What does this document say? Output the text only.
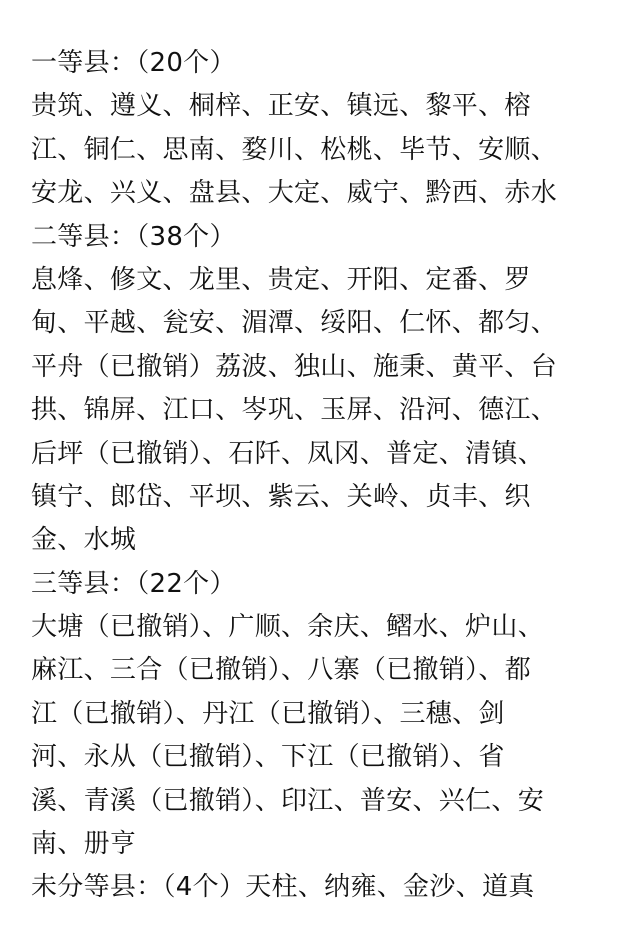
一等县：（20个）
贵筑、遵义、桐梓、正安、镇远、黎平、榕
江、铜仁、思南、婺川、松桃、毕节、安顺、
安龙、兴义、盘县、大定、威宁、黔西、赤水
二等县：（38个）
息烽、修文、龙里、贵定、开阳、定番、罗
甸、平越、瓮安、湄潭、绥阳、仁怀、都匀、
平舟（已撤销）荔波、独山、施秉、黄平、台
拱、锦屏、江口、岑巩、玉屏、沿河、德江、
后坪（已撤销）、石阡、凤冈、普定、清镇、
镇宁、郎岱、平坝、紫云、关岭、贞丰、织
金、水城
三等县：（22个）
大塘（已撤销）、广顺、余庆、鳛水、炉山、
麻江、三合（已撤销）、八寨（已撤销）、都
江（已撤销）、丹江（已撤销）、三穗、剑
河、永从（已撤销）、下江（已撤销）、省
溪、青溪（已撤销）、印江、普安、兴仁、安
南、册亨
未分等县：（4个）天柱、纳雍、金沙、道真
